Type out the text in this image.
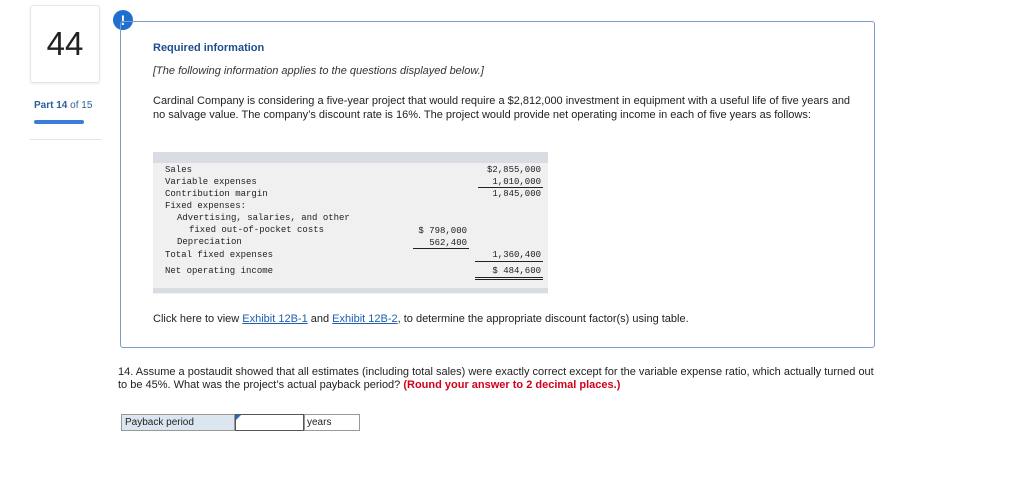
44
Part 14 of 15
!
Required information
[The following information applies to the questions displayed below.]
Cardinal Company is considering a five-year project that would require a $2,812,000 investment in equipment with a useful life of five years and no salvage value. The company’s discount rate is 16%. The project would provide net operating income in each of five years as follows:
Sales	$2,855,000
Variable expenses	1,010,000
Contribution margin	1,845,000
Fixed expenses:
Advertising, salaries, and other
fixed out-of-pocket costs	$ 798,000
Depreciation	562,400
Total fixed expenses	1,360,400
Net operating income	$ 484,600
Click here to view Exhibit 12B-1 and Exhibit 12B-2, to determine the appropriate discount factor(s) using table.
14. Assume a postaudit showed that all estimates (including total sales) were exactly correct except for the variable expense ratio, which actually turned out to be 45%. What was the project’s actual payback period? (Round your answer to 2 decimal places.)
Payback period	years
